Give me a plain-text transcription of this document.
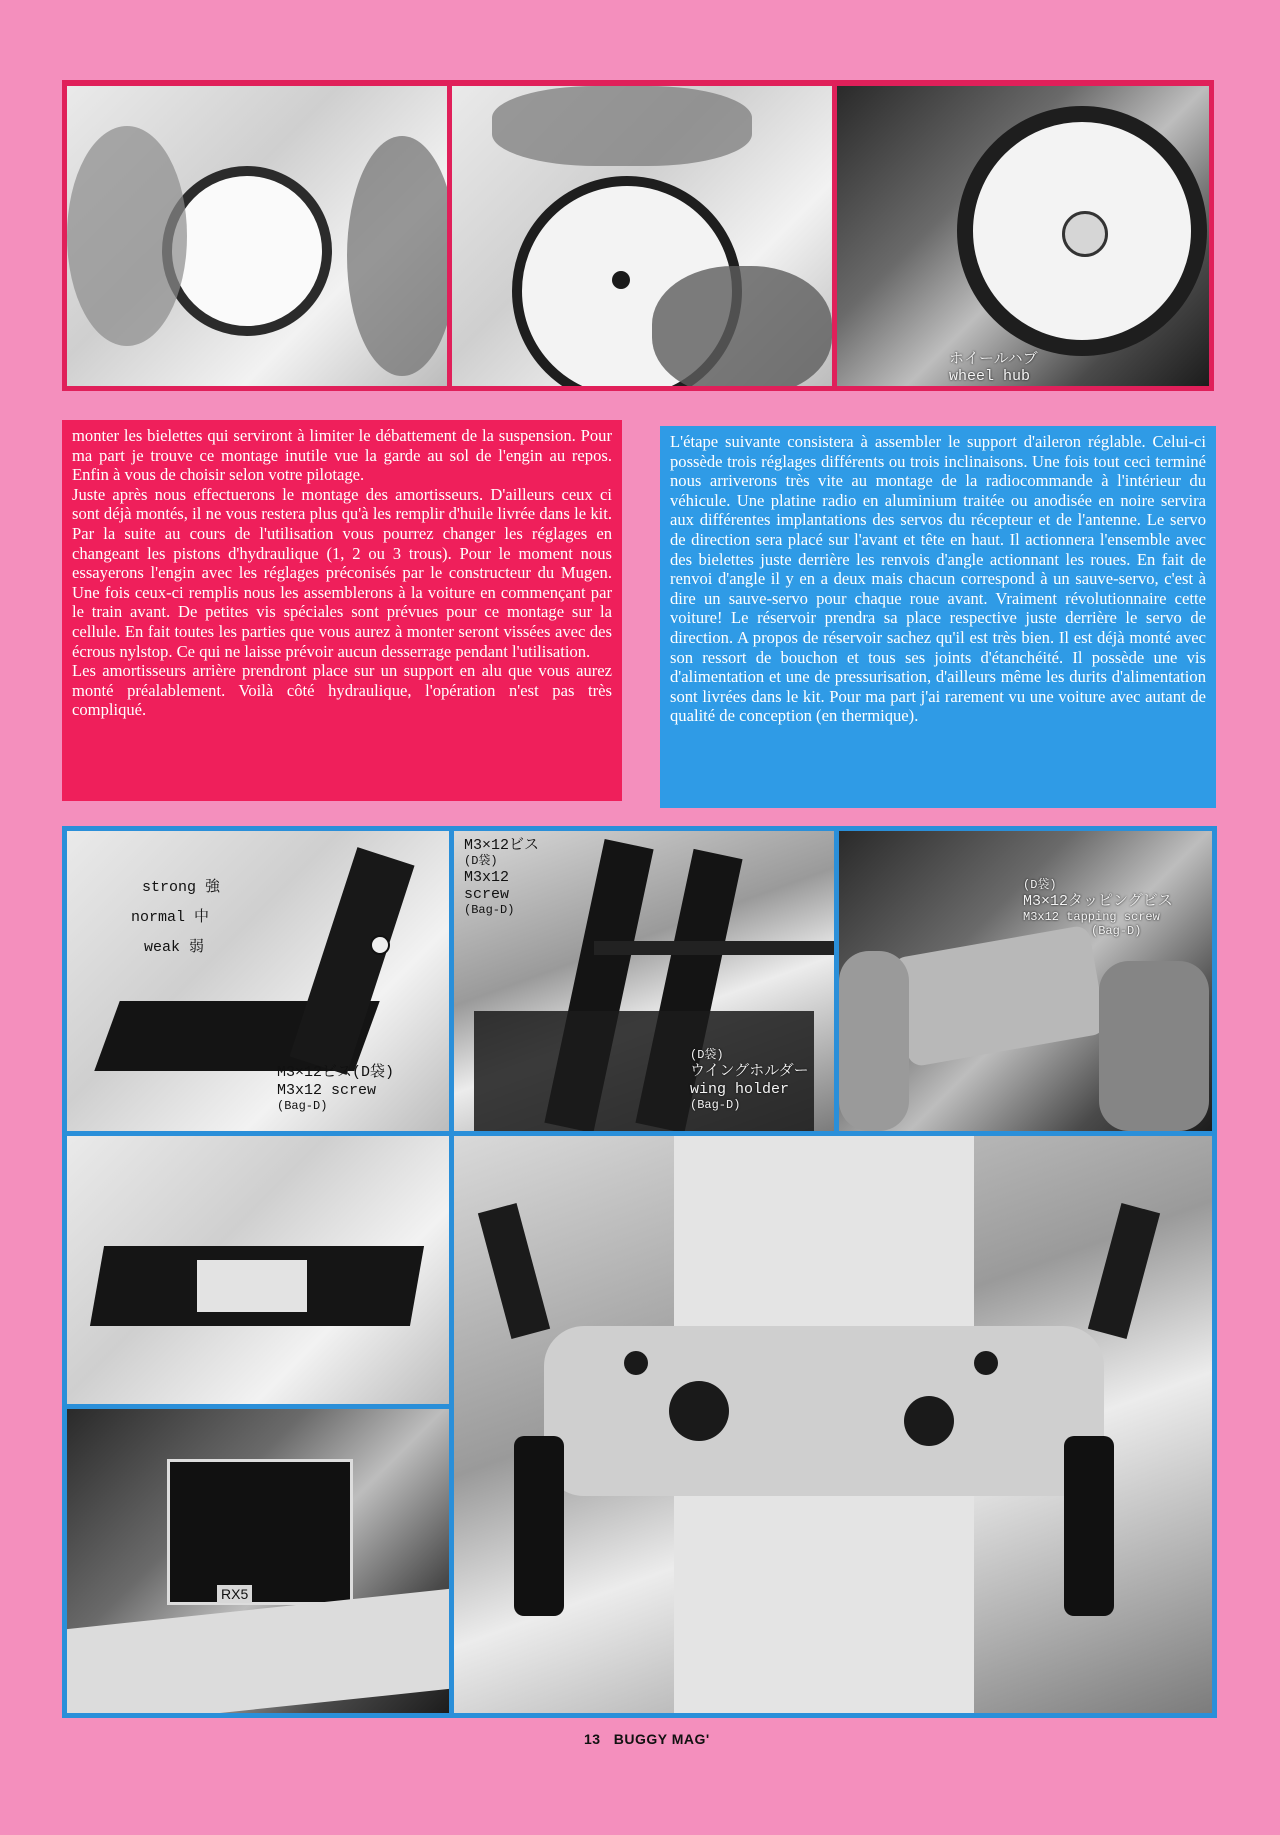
ホイールハブ
wheel hub

monter les bielettes qui serviront à limiter le débattement de la suspension. Pour ma part je trouve ce montage inutile vue la garde au sol de l'engin au repos. Enfin à vous de choisir selon votre pilotage.

Juste après nous effectuerons le montage des amortisseurs. D'ailleurs ceux ci sont déjà montés, il ne vous restera plus qu'à les remplir d'huile livrée dans le kit. Par la suite au cours de l'utilisation vous pourrez changer les réglages en changeant les pistons d'hydraulique (1, 2 ou 3 trous). Pour le moment nous essayerons l'engin avec les réglages préconisés par le constructeur du Mugen. Une fois ceux-ci remplis nous les assemblerons à la voiture en commençant par le train avant. De petites vis spéciales sont prévues pour ce montage sur la cellule. En fait toutes les parties que vous aurez à monter seront vissées avec des écrous nylstop. Ce qui ne laisse prévoir aucun desserrage pendant l'utilisation.

Les amortisseurs arrière prendront place sur un support en alu que vous aurez monté préalablement. Voilà côté hydraulique, l'opération n'est pas très compliqué.

L'étape suivante consistera à assembler le support d'aileron réglable. Celui-ci possède trois réglages différents ou trois inclinaisons. Une fois tout ceci terminé nous arriverons très vite au montage de la radiocommande à l'intérieur du véhicule. Une platine radio en aluminium traitée ou anodisée en noire servira aux différentes implantations des servos du récepteur et de l'antenne. Le servo de direction sera placé sur l'avant et tête en haut. Il actionnera l'ensemble avec des bielettes juste derrière les renvois d'angle actionnant les roues. En fait de renvoi d'angle il y en a deux mais chacun correspond à un sauve-servo, c'est à dire un sauve-servo pour chaque roue avant. Vraiment révolutionnaire cette voiture! Le réservoir prendra sa place respective juste derrière le servo de direction. A propos de réservoir sachez qu'il est très bien. Il est déjà monté avec son ressort de bouchon et tous ses joints d'étanchéité. Il possède une vis d'alimentation et une de pressurisation, d'ailleurs même les durits d'alimentation sont livrées dans le kit. Pour ma part j'ai rarement vu une voiture avec autant de qualité de conception (en thermique).

strong 強
normal 中
weak 弱
M3×12ビス(D袋)
M3x12 screw
(Bag-D)
M3×12ビス
(D袋)
M3x12
screw
(Bag-D)
(D袋)
ウイングホルダー
wing holder
(Bag-D)
(D袋)
M3×12タッピングビス
M3x12 tapping screw
(Bag-D)
RX5
13 BUGGY MAG'
